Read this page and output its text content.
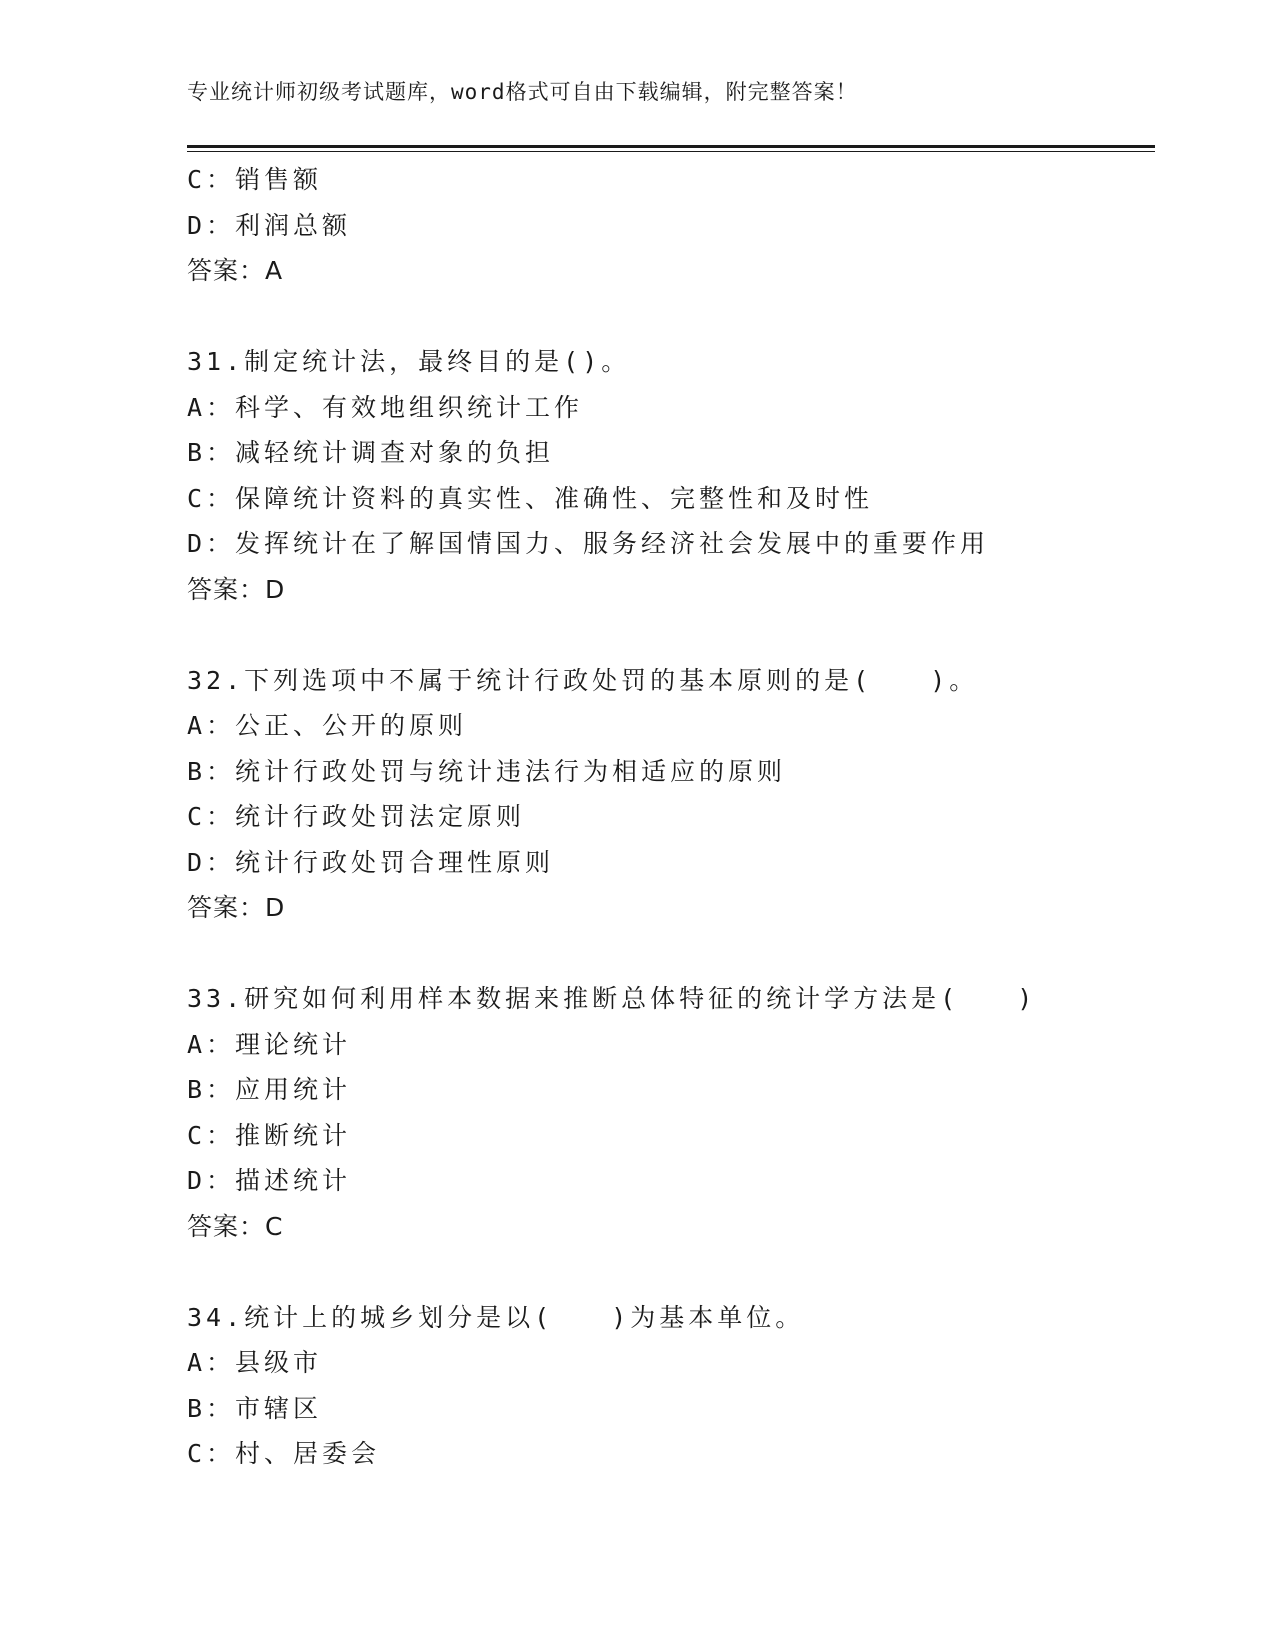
专业统计师初级考试题库，word格式可自由下载编辑，附完整答案！
C：销售额
D：利润总额
答案：A
31.制定统计法，最终目的是()。
A：科学、有效地组织统计工作
B：减轻统计调查对象的负担
C：保障统计资料的真实性、准确性、完整性和及时性
D：发挥统计在了解国情国力、服务经济社会发展中的重要作用
答案：D
32.下列选项中不属于统计行政处罚的基本原则的是(　　)。
A：公正、公开的原则
B：统计行政处罚与统计违法行为相适应的原则
C：统计行政处罚法定原则
D：统计行政处罚合理性原则
答案：D
33.研究如何利用样本数据来推断总体特征的统计学方法是(　　)
A：理论统计
B：应用统计
C：推断统计
D：描述统计
答案：C
34.统计上的城乡划分是以(　　)为基本单位。
A：县级市
B：市辖区
C：村、居委会
